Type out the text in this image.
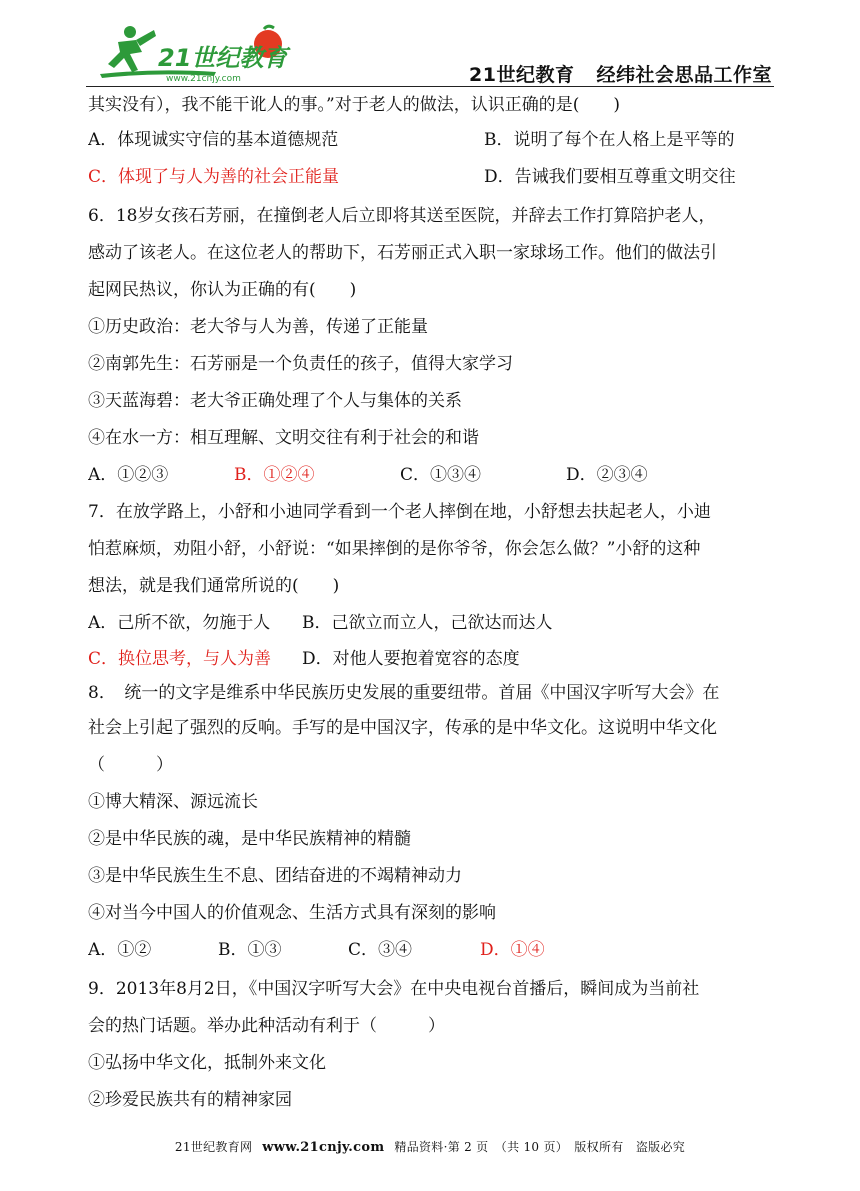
21世纪教育
www.21cnjy.com	21世纪教育 经纬社会思品工作室
其实没有），我不能干讹人的事。”对于老人的做法，认识正确的是(　　)
A．体现诚实守信的基本道德规范	B．说明了每个在人格上是平等的
C．体现了与人为善的社会正能量	D．告诫我们要相互尊重文明交往
6．18岁女孩石芳丽，在撞倒老人后立即将其送至医院，并辞去工作打算陪护老人，
感动了该老人。在这位老人的帮助下，石芳丽正式入职一家球场工作。他们的做法引
起网民热议，你认为正确的有(　　)
①历史政治：老大爷与人为善，传递了正能量
②南郭先生：石芳丽是一个负责任的孩子，值得大家学习
③天蓝海碧：老大爷正确处理了个人与集体的关系
④在水一方：相互理解、文明交往有利于社会的和谐
A．①②③	B．①②④	C．①③④	D．②③④
7．在放学路上，小舒和小迪同学看到一个老人摔倒在地，小舒想去扶起老人，小迪
怕惹麻烦，劝阻小舒，小舒说：“如果摔倒的是你爷爷，你会怎么做？”小舒的这种
想法，就是我们通常所说的(　　)
A．己所不欲，勿施于人 B．己欲立而立人，己欲达而达人
C．换位思考，与人为善 D．对他人要抱着宽容的态度
8．　统一的文字是维系中华民族历史发展的重要纽带。首届《中国汉字听写大会》在
社会上引起了强烈的反响。手写的是中国汉字，传承的是中华文化。这说明中华文化
（　　　）
①博大精深、源远流长
②是中华民族的魂，是中华民族精神的精髓
③是中华民族生生不息、团结奋进的不竭精神动力
④对当今中国人的价值观念、生活方式具有深刻的影响
A．①②	B．①③	C．③④	D．①④
9．2013年8月2日，《中国汉字听写大会》在中央电视台首播后，瞬间成为当前社
会的热门话题。举办此种活动有利于（　　　）
①弘扬中华文化，抵制外来文化
②珍爱民族共有的精神家园
21世纪教育网 www.21cnjy.com 精品资料·第 2 页　（共 10 页）　版权所有　盗版必究
